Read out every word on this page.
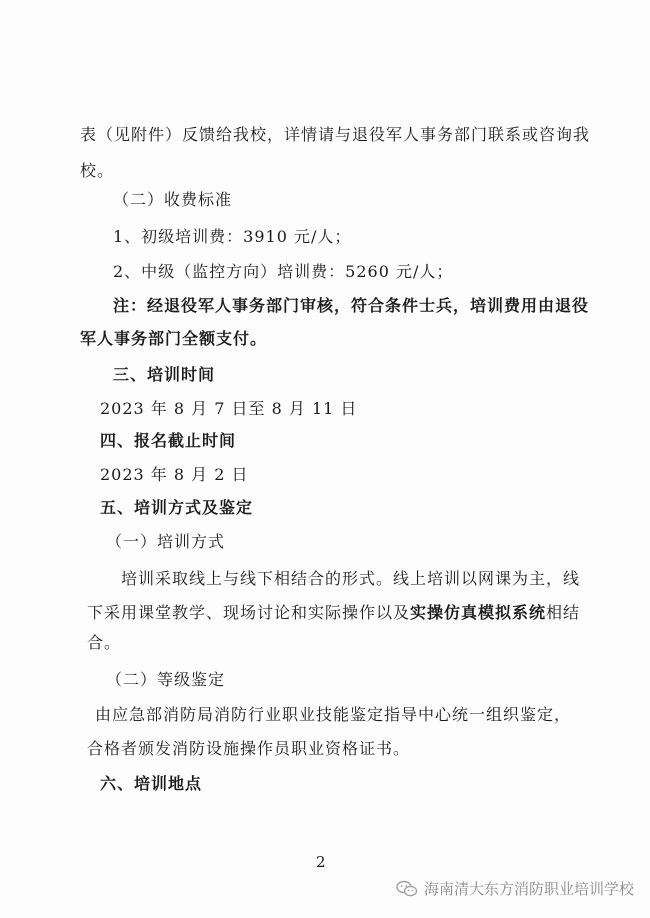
表（见附件）反馈给我校，详情请与退役军人事务部门联系或咨询我
校。
（二）收费标准
1、初级培训费：3910 元/人；
2、中级（监控方向）培训费：5260 元/人；
注：经退役军人事务部门审核，符合条件士兵，培训费用由退役
军人事务部门全额支付。
三、培训时间
2023 年 8 月 7 日至 8 月 11 日
四、报名截止时间
2023 年 8 月 2 日
五、培训方式及鉴定
（一）培训方式
培训采取线上与线下相结合的形式。线上培训以网课为主，线
下采用课堂教学、现场讨论和实际操作以及实操仿真模拟系统相结
合。
（二）等级鉴定
由应急部消防局消防行业职业技能鉴定指导中心统一组织鉴定，
合格者颁发消防设施操作员职业资格证书。
六、培训地点
2
海南清大东方消防职业培训学校
